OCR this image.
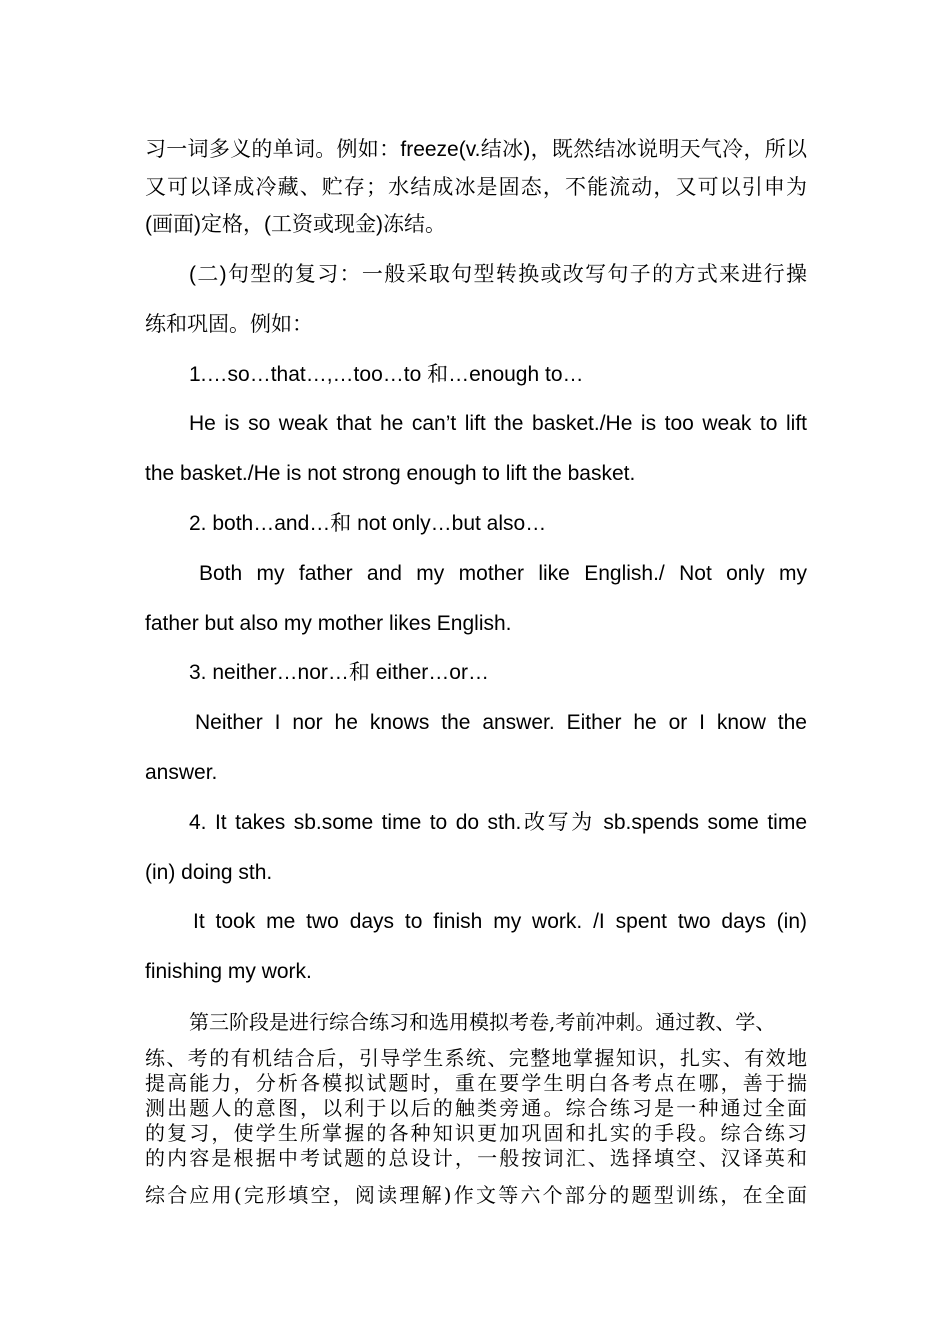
习一词多义的单词。例如：freeze(v.结冰)，既然结冰说明天气冷，所以
又可以译成冷藏、贮存；水结成冰是固态，不能流动，又可以引申为
(画面)定格，(工资或现金)冻结。
(二)句型的复习：一般采取句型转换或改写句子的方式来进行操
练和巩固。例如：
1.…so…that…,…too…to 和…enough to…
He is so weak that he can’t lift the basket./He is too weak to lift
the basket./He is not strong enough to lift the basket.
2. both…and…和 not only…but also…
Both my father and my mother like English./ Not only my
father but also my mother likes English.
3. neither…nor…和 either…or…
Neither I nor he knows the answer. Either he or I know the
answer.
4. It takes sb.some time to do sth.改写为 sb.spends some time
(in) doing sth.
It took me two days to finish my work. /I spent two days (in)
finishing my work.
第三阶段是进行综合练习和选用模拟考卷,考前冲刺。通过教、学、
练、考的有机结合后，引导学生系统、完整地掌握知识，扎实、有效地
提高能力，分析各模拟试题时，重在要学生明白各考点在哪，善于揣
测出题人的意图，以利于以后的触类旁通。综合练习是一种通过全面
的复习，使学生所掌握的各种知识更加巩固和扎实的手段。综合练习
的内容是根据中考试题的总设计，一般按词汇、选择填空、汉译英和
综合应用(完形填空，阅读理解)作文等六个部分的题型训练，在全面
